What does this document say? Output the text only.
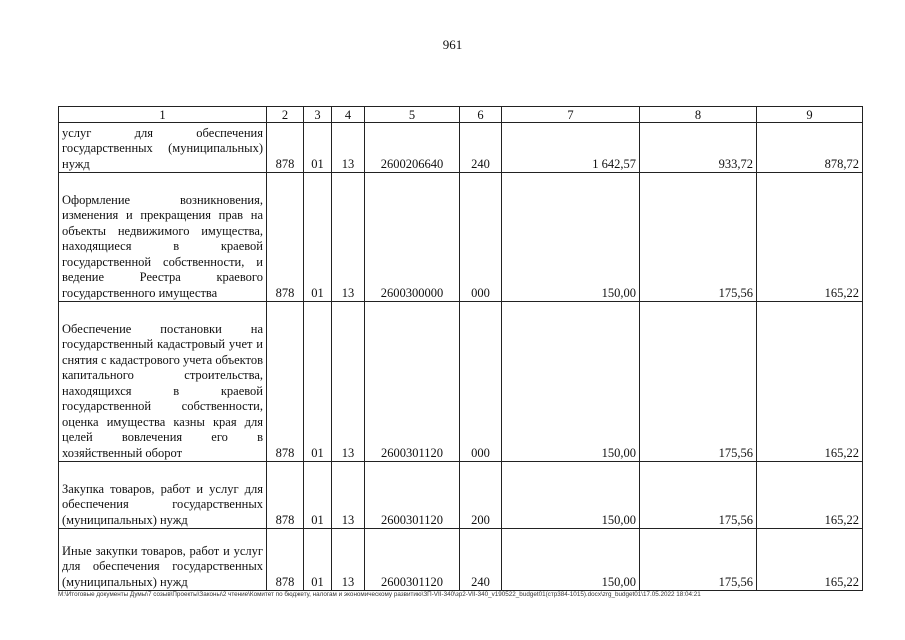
961
1	2	3	4	5	6	7	8	9

услуг для обеспечения государственных (муниципальных) нужд	878	01	13	2600206640	240	1 642,57	933,72	878,72

Оформление возникновения, изменения и прекращения прав на объекты недвижимого имущества, находящиеся в краевой государственной собственности, и ведение Реестра краевого государственного имущества	878	01	13	2600300000	000	150,00	175,56	165,22

Обеспечение постановки на государственный кадастровый учет и снятия с кадастрового учета объектов капитального строительства, находящихся в краевой государственной собственности, оценка имущества казны края для целей вовлечения его в хозяйственный оборот	878	01	13	2600301120	000	150,00	175,56	165,22

Закупка товаров, работ и услуг для обеспечения государственных (муниципальных) нужд	878	01	13	2600301120	200	150,00	175,56	165,22

Иные закупки товаров, работ и услуг для обеспечения государственных (муниципальных) нужд	878	01	13	2600301120	240	150,00	175,56	165,22
M:\Итоговые документы Думы\7 созыв\Проекты\Законы\2 чтение\Комитет по бюджету, налогам и экономическому развитию\ЗП-VII-340\зр2-VII-340_v190522_budget01(стр384-1015).docx\zrg_budget01\17.05.2022 18:04:21
